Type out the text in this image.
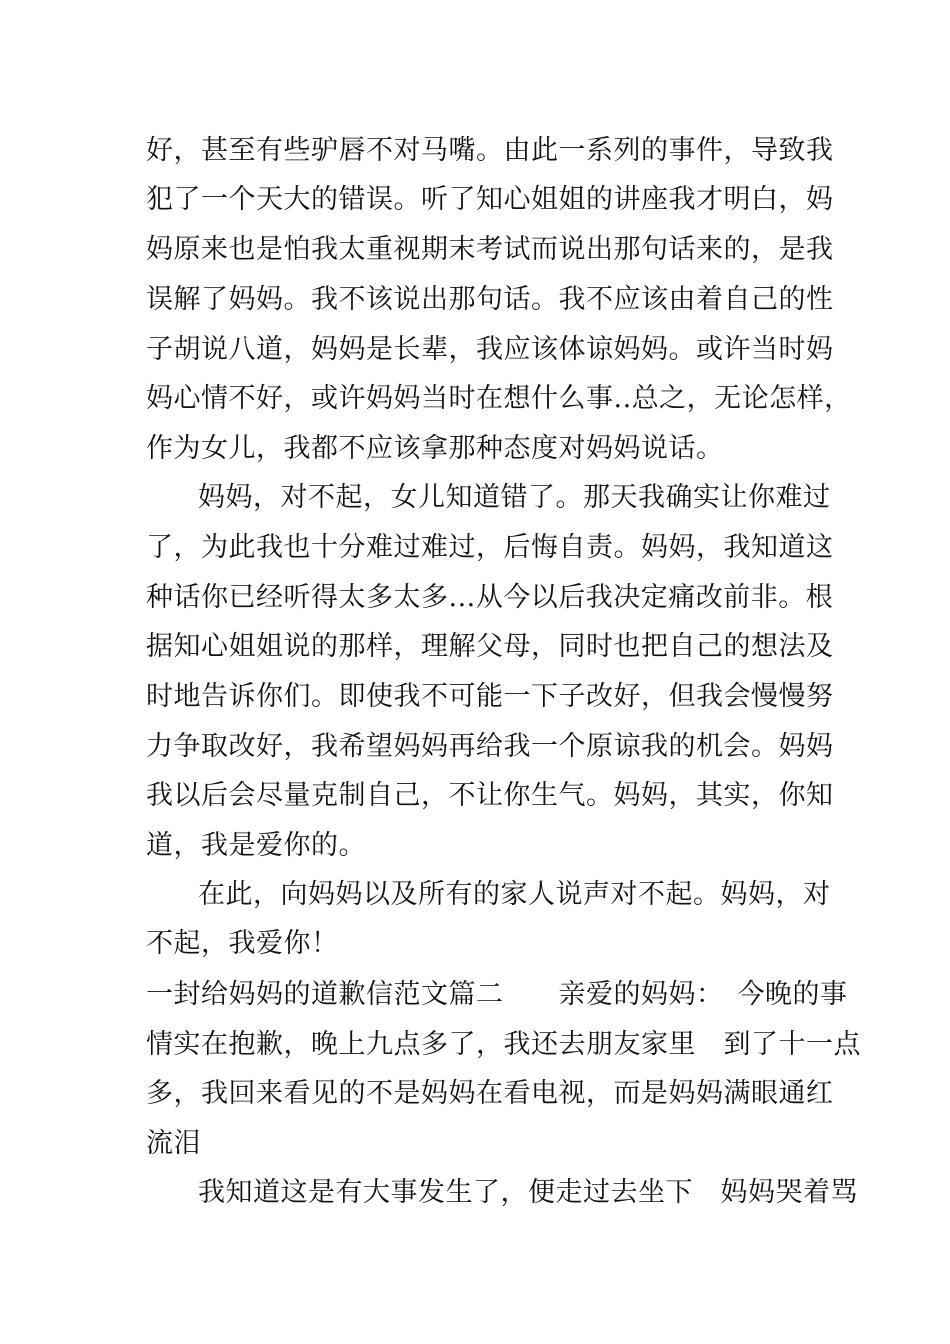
好，甚至有些驴唇不对马嘴。由此一系列的事件，导致我
犯了一个天大的错误。听了知心姐姐的讲座我才明白，妈
妈原来也是怕我太重视期末考试而说出那句话来的，是我
误解了妈妈。我不该说出那句话。我不应该由着自己的性
子胡说八道，妈妈是长辈，我应该体谅妈妈。或许当时妈
妈心情不好，或许妈妈当时在想什么事..总之，无论怎样，
作为女儿，我都不应该拿那种态度对妈妈说话。
妈妈，对不起，女儿知道错了。那天我确实让你难过
了，为此我也十分难过难过，后悔自责。妈妈，我知道这
种话你已经听得太多太多...从今以后我决定痛改前非。根
据知心姐姐说的那样，理解父母，同时也把自己的想法及
时地告诉你们。即使我不可能一下子改好，但我会慢慢努
力争取改好，我希望妈妈再给我一个原谅我的机会。妈妈
我以后会尽量克制自己，不让你生气。妈妈，其实，你知
道，我是爱你的。
在此，向妈妈以及所有的家人说声对不起。妈妈，对
不起，我爱你！
一封给妈妈的道歉信范文篇二　　亲爱的妈妈：　今晚的事
情实在抱歉，晚上九点多了，我还去朋友家里　到了十一点
多，我回来看见的不是妈妈在看电视，而是妈妈满眼通红
流泪
我知道这是有大事发生了，便走过去坐下　妈妈哭着骂
